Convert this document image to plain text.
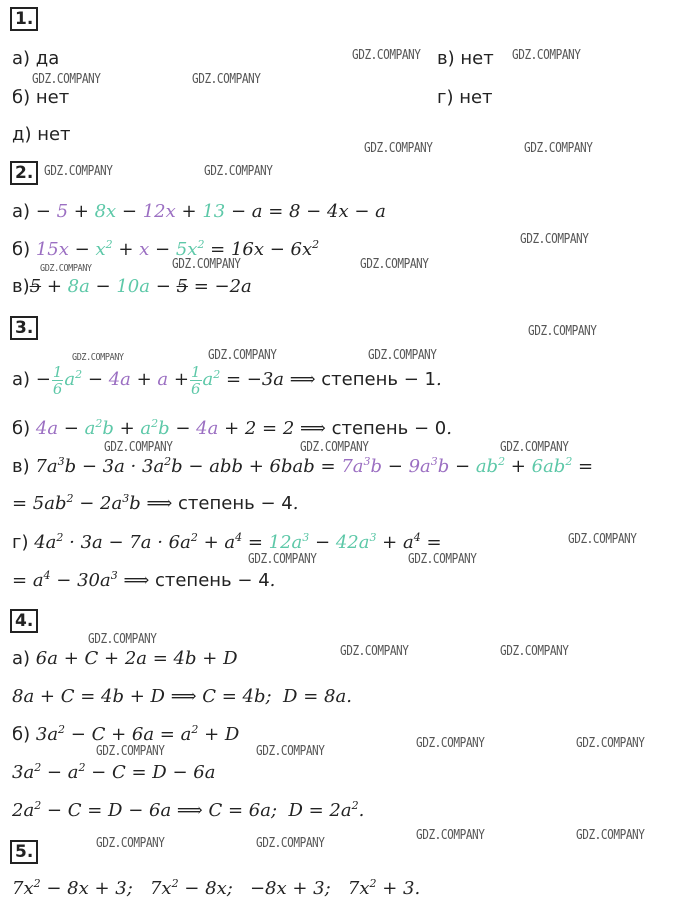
1.
а) да	в) нет
б) нет	г) нет
д) нет
2.
а) − 5 + 8x − 12x + 13 − a = 8 − 4x − a
б) $15x - x^2 + x - 5x^2 = 16x - 6x^2$
в)5 + 8a − 10a − 5 = −2a
3.
$а) - \frac{1}{6} a^2 - 4a + a + \frac{1}{6} a^2 = -3a$ ⟹ степень − 1.
б) $4a - a^2b + a^2b - 4a + 2 = 2$ ⟹ степень − 0.
в) $7a^3b - 3a \cdot 3a^2b$ − abb + $6bab = 7a^3b - 9a^3b - ab^2 + 6ab^2$ =
= $5ab^2 - 2a^3b$ ⟹ степень − 4.
г) $4a^2 \cdot 3a - 7a \cdot 6a^2 + a^4 = 12a^3 - 42a^3 + a^4$ =
= $a^4 - 30a^3$ ⟹ степень − 4.
4.
а) 6a + C + 2a = 4b + D
8a + C = 4b + D ⟹ C = 4b;  D = 8a.
б) $3a^2 - C + 6a = a^2 + D$
$3a^2 - a^2 - C = D - 6a$
$2a^2 - C = D - 6a$ ⟹ C = 6a;  $D = 2a^2$.
5.
$7x^2 - 8x + 3$;   $7x^2 - 8x$;   −8x + 3;   $7x^2 + 3$.
GDZ.COMPANY	GDZ.COMPANY
GDZ.COMPANY	GDZ.COMPANY
GDZ.COMPANY	GDZ.COMPANY
GDZ.COMPANY	GDZ.COMPANY
GDZ.COMPANY
GDZ.COMPANY	GDZ.COMPANY	GDZ.COMPANY
GDZ.COMPANY
GDZ.COMPANY	GDZ.COMPANY	GDZ.COMPANY
GDZ.COMPANY	GDZ.COMPANY	GDZ.COMPANY
GDZ.COMPANY
GDZ.COMPANY	GDZ.COMPANY
GDZ.COMPANY
GDZ.COMPANY	GDZ.COMPANY
GDZ.COMPANY	GDZ.COMPANY
GDZ.COMPANY	GDZ.COMPANY
GDZ.COMPANY	GDZ.COMPANY
GDZ.COMPANY	GDZ.COMPANY
